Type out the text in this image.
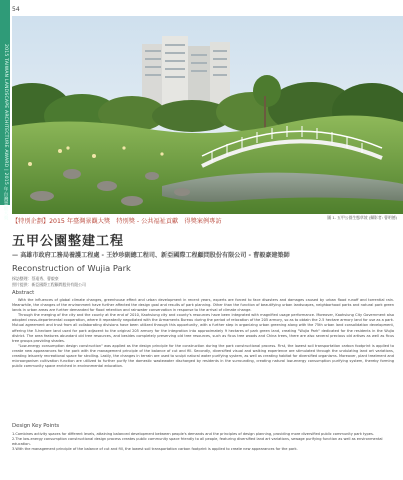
2015 TAIWAN LANDSCAPE ARCHITECTURE AWARD | 2015 年台灣景觀大獎
54
圖 1. 五甲公園生態草坡 (攝影者: 曹明德)
【特別企劃】2015 年臺灣景觀大獎　特別獎 - 公共福祉貢獻　得獎案例專訪
五甲公園整建工程
— 高雄市政府工務局養護工程處 - 王妙珍副總工程司、新亞國際工程顧問股份有限公司 - 曹毅豪建築師
Reconstruction of Wujia Park
採訪整理：蔡遠秀、曹毅豪
照片提供：新亞國際工程顧問股份有限公司
Abstract

With the influences of global climate changes, greenhouse effect and urban development in recent years, experts are forced to face disasters and damages caused by urban flood runoff and torrential rain. Meanwhile, the changes of the environment have further affected the design goal and results of park planning. Other than the function of beautifying urban landscapes, neighborhood parks and natural park green lands in urban areas are further demanded for flood retention and rainwater conservation in response to the arrival of climate change.

Through the merging of the city and the county at the end of 2010, Kaohsiung city and county's resources have been integrated with magnified usage performance. Moreover, Kaohsiung City Government also adopted cross-departmental cooperation, where it repeatedly negotiated with the Armaments Bureau during the period of relocation of the 205 armory, so as to obtain the 2.5 hectare armory land for use as a park. Mutual agreement and trust from all collaborating divisions have been utilized through this opportunity, with a further step in organizing urban greening along with the 75th urban land consolidation development, offering the 5-hectare land used for park adjacent to the original 205 armory for the integration into approximately 9 hectares of park green land, creating "Wujia Park" dedicated for the residents in the Wujia district. The area features abundant old tree resources, and besides completely preserving old tree resources, such as ficus tree woods and China trees, there are also several precious old artises as well as ficus tree groups providing shades.

"Low-energy consumption design construction" was applied as the design principle for the construction during the park constructional process. First, the lowest soil transportation carbon footprint is applied to create new appearances for the park with the management principle of the balance of cut and fill. Secondly, diversified visual and walking experience are stimulated through the undulating land art variations, creating leisurely recreational space for strolling. Lastly, the changes in terrain are used to sculpt natural water purifying system, as well as creating habitat for diversified organisms. Moreover, plant treatment and microorganism cultivation function are utilized to further purify the domestic wastewater discharged by residents in the surrounding, creating natural low-energy consumption purifying system, thereby forming public community space enriched in environmental education.

Design Key Points
1.Combines activity spaces for different levels, attaining balanced development between people's demands and the principles of design planning, providing more diversified public community park types.
2.The low-energy consumption constructional design process creates public community space friendly to all people, featuring diversified land art variations, sewage purifying function as well as environmental education.
3.With the management principle of the balance of cut and fill, the lowest soil transportation carbon footprint is applied to create new appearances for the park.
